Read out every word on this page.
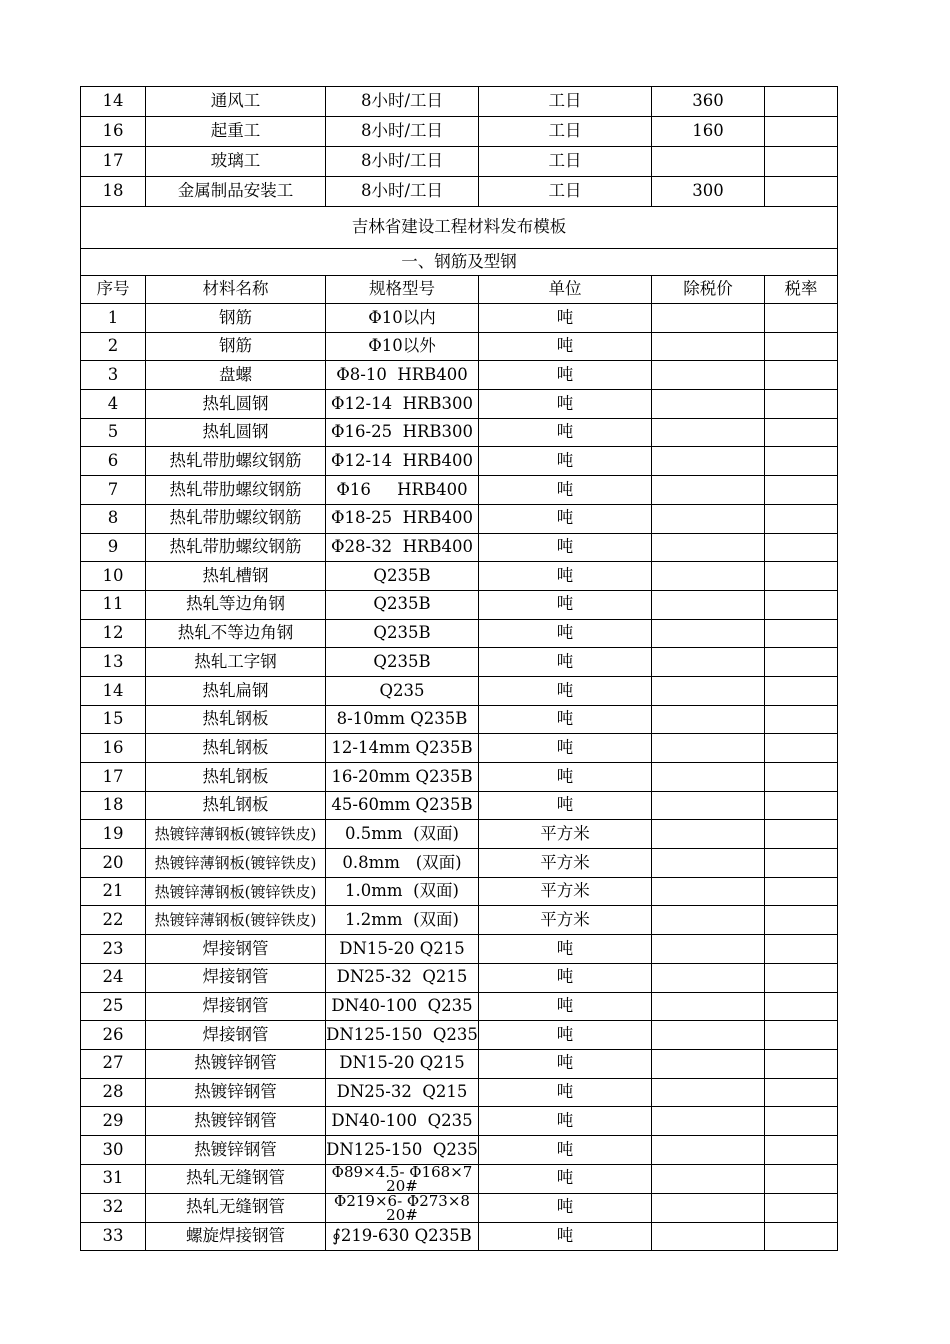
14	通风工	8小时/工日	工日	360	
16	起重工	8小时/工日	工日	160	
17	玻璃工	8小时/工日	工日		
18	金属制品安装工	8小时/工日	工日	300	
吉林省建设工程材料发布模板					
一、钢筋及型钢					
序号	材料名称	规格型号	单位	除税价	税率
1	钢筋	Φ10以内	吨		
2	钢筋	Φ10以外	吨		
3	盘螺	Φ8-10  HRB400	吨		
4	热轧圆钢	Φ12-14  HRB300	吨		
5	热轧圆钢	Φ16-25  HRB300	吨		
6	热轧带肋螺纹钢筋	Φ12-14  HRB400	吨		
7	热轧带肋螺纹钢筋	Φ16     HRB400	吨		
8	热轧带肋螺纹钢筋	Φ18-25  HRB400	吨		
9	热轧带肋螺纹钢筋	Φ28-32  HRB400	吨		
10	热轧槽钢	Q235B	吨		
11	热轧等边角钢	Q235B	吨		
12	热轧不等边角钢	Q235B	吨		
13	热轧工字钢	Q235B	吨		
14	热轧扁钢	Q235	吨		
15	热轧钢板	8-10mm Q235B	吨		
16	热轧钢板	12-14mm Q235B	吨		
17	热轧钢板	16-20mm Q235B	吨		
18	热轧钢板	45-60mm Q235B	吨		
19	热镀锌薄钢板(镀锌铁皮)	0.5mm  (双面)	平方米		
20	热镀锌薄钢板(镀锌铁皮)	0.8mm   (双面)	平方米		
21	热镀锌薄钢板(镀锌铁皮)	1.0mm  (双面)	平方米		
22	热镀锌薄钢板(镀锌铁皮)	1.2mm  (双面)	平方米		
23	焊接钢管	DN15-20 Q215	吨		
24	焊接钢管	DN25-32  Q215	吨		
25	焊接钢管	DN40-100  Q235	吨		
26	焊接钢管	DN125-150  Q235	吨		
27	热镀锌钢管	DN15-20 Q215	吨		
28	热镀锌钢管	DN25-32  Q215	吨		
29	热镀锌钢管	DN40-100  Q235	吨		
30	热镀锌钢管	DN125-150  Q235	吨		
31	热轧无缝钢管	Φ89×4.5- Φ168×7 20#	吨		
32	热轧无缝钢管	Φ219×6- Φ273×8 20#	吨		
33	螺旋焊接钢管	∮219-630 Q235B	吨		
